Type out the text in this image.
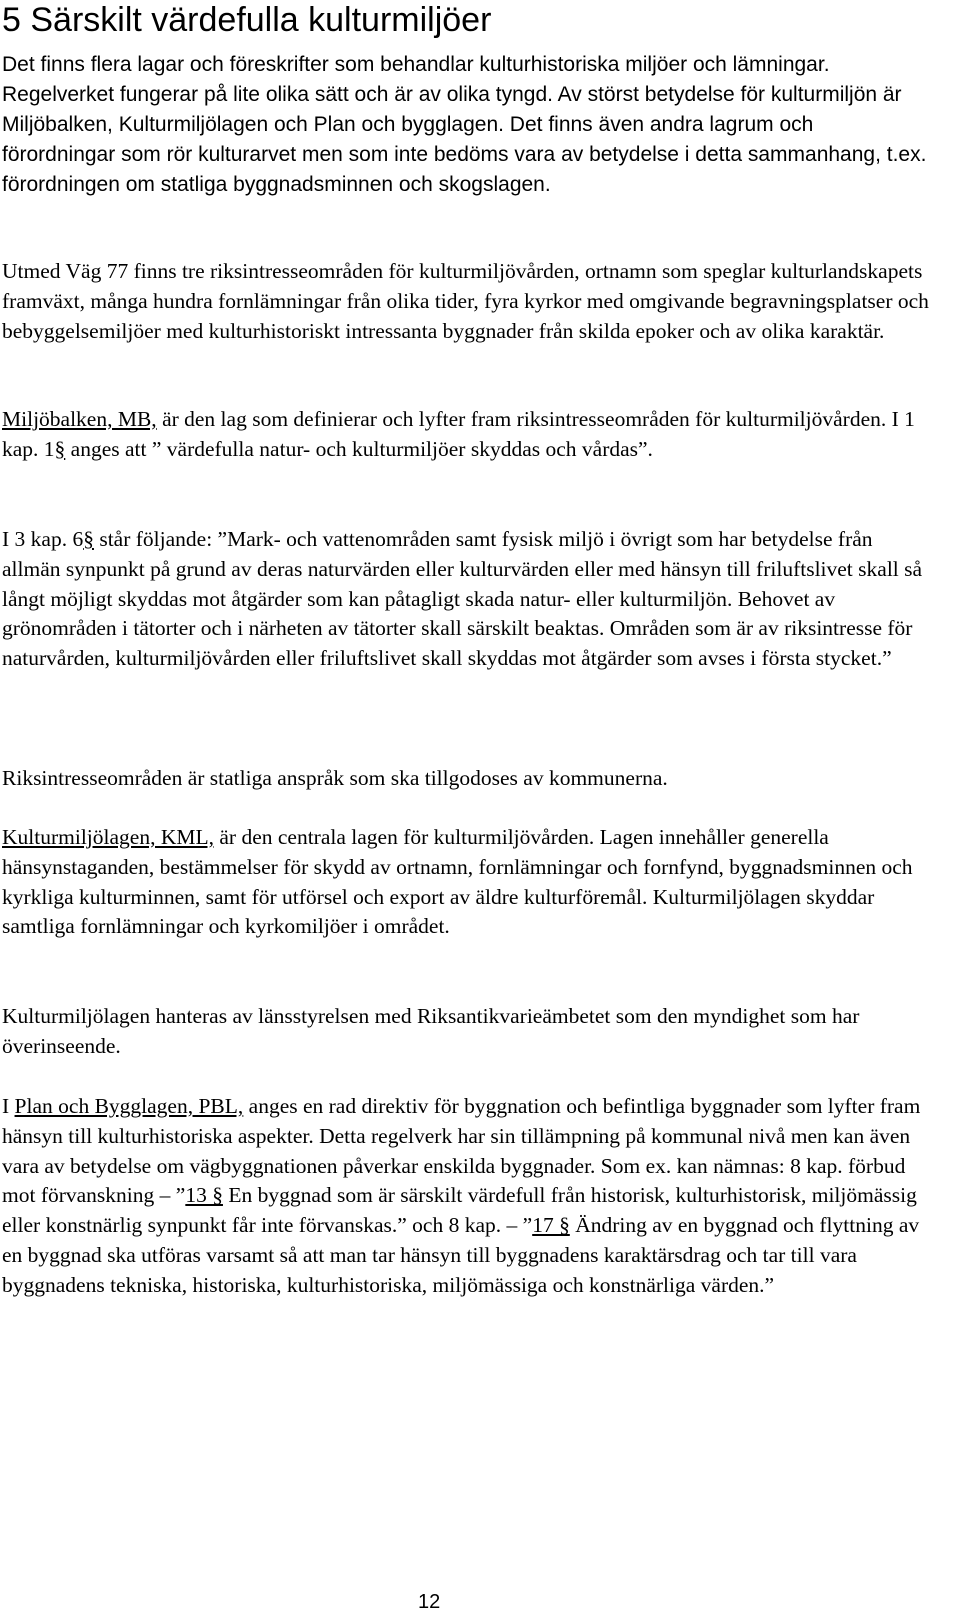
5 Särskilt värdefulla kulturmiljöer

Det finns flera lagar och föreskrifter som behandlar kulturhistoriska miljöer och lämningar. Regelverket fungerar på lite olika sätt och är av olika tyngd. Av störst betydelse för kulturmiljön är Miljöbalken, Kulturmiljölagen och Plan och bygglagen. Det finns även andra lagrum och förordningar som rör kulturarvet men som inte bedöms vara av betydelse i detta sammanhang, t.ex. förordningen om statliga byggnadsminnen och skogslagen.

Utmed Väg 77 finns tre riksintresseområden för kulturmiljövården, ortnamn som speglar kulturlandskapets framväxt, många hundra fornlämningar från olika tider, fyra kyrkor med omgivande begravningsplatser och bebyggelsemiljöer med kulturhistoriskt intressanta byggnader från skilda epoker och av olika karaktär.

Miljöbalken, MB, är den lag som definierar och lyfter fram riksintresseområden för kulturmiljövården. I 1 kap. 1§ anges att ” värdefulla natur- och kulturmiljöer skyddas och vårdas”.

I 3 kap. 6§ står följande: ”Mark- och vattenområden samt fysisk miljö i övrigt som har betydelse från allmän synpunkt på grund av deras naturvärden eller kulturvärden eller med hänsyn till friluftslivet skall så långt möjligt skyddas mot åtgärder som kan påtagligt skada natur- eller kulturmiljön. Behovet av grönområden i tätorter och i närheten av tätorter skall särskilt beaktas. Områden som är av riksintresse för naturvården, kulturmiljövården eller friluftslivet skall skyddas mot åtgärder som avses i första stycket.”

Riksintresseområden är statliga anspråk som ska tillgodoses av kommunerna.

Kulturmiljölagen, KML, är den centrala lagen för kulturmiljövården. Lagen innehåller generella hänsynstaganden, bestämmelser för skydd av ortnamn, fornlämningar och fornfynd, byggnadsminnen och kyrkliga kulturminnen, samt för utförsel och export av äldre kulturföremål. Kulturmiljölagen skyddar samtliga fornlämningar och kyrkomiljöer i området.

Kulturmiljölagen hanteras av länsstyrelsen med Riksantikvarieämbetet som den myndighet som har överinseende.

I Plan och Bygglagen, PBL, anges en rad direktiv för byggnation och befintliga byggnader som lyfter fram hänsyn till kulturhistoriska aspekter. Detta regelverk har sin tillämpning på kommunal nivå men kan även vara av betydelse om vägbyggnationen påverkar enskilda byggnader. Som ex. kan nämnas: 8 kap. förbud mot förvanskning – ”13 § En byggnad som är särskilt värdefull från historisk, kulturhistorisk, miljömässig eller konstnärlig synpunkt får inte förvanskas.” och 8 kap. – ”17 § Ändring av en byggnad och flyttning av en byggnad ska utföras varsamt så att man tar hänsyn till byggnadens karaktärsdrag och tar till vara byggnadens tekniska, historiska, kulturhistoriska, miljömässiga och konstnärliga värden.”

12
